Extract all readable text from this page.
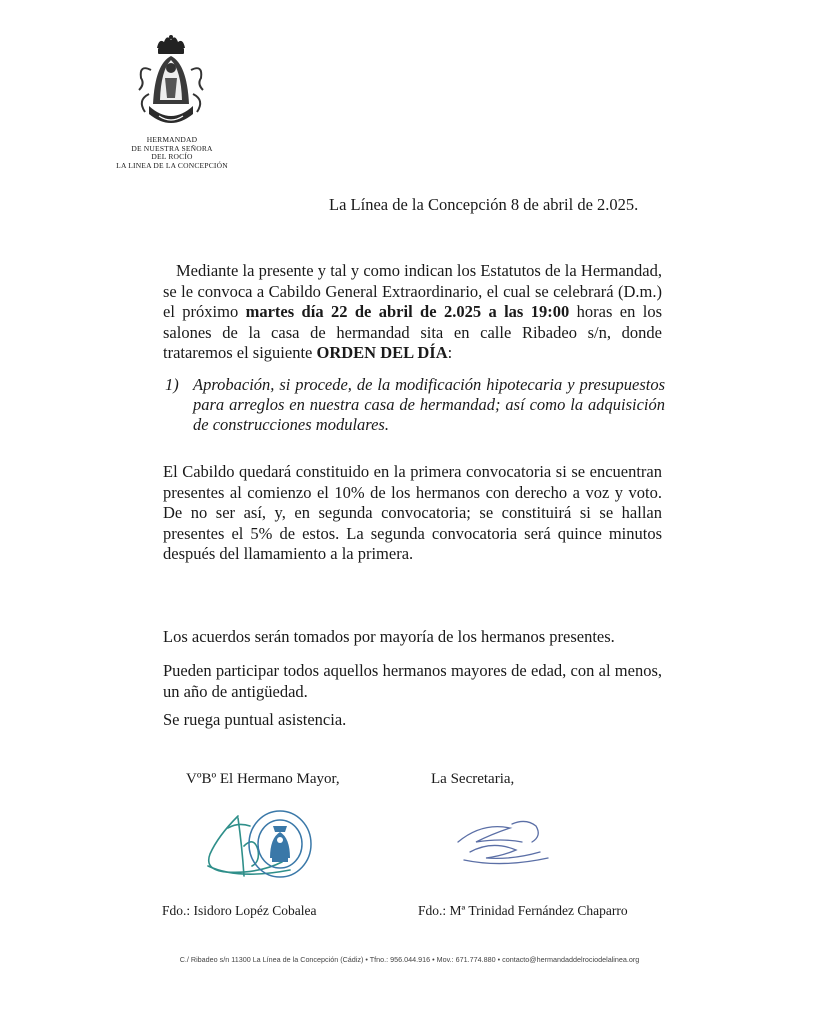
HERMANDAD
DE NUESTRA SEÑORA
DEL ROCÍO
LA LINEA DE LA CONCEPCIÓN
La Línea de la Concepción 8 de abril de 2.025.
Mediante la presente y tal y como indican los Estatutos de la Hermandad, se le convoca a Cabildo General Extraordinario, el cual se celebrará (D.m.) el próximo martes día 22 de abril de 2.025 a las 19:00 horas en los salones de la casa de hermandad sita en calle Ribadeo s/n, donde trataremos el siguiente ORDEN DEL DÍA:
1) Aprobación, si procede, de la modificación hipotecaria y presupuestos para arreglos en nuestra casa de hermandad; así como la adquisición de construcciones modulares.
El Cabildo quedará constituido en la primera convocatoria si se encuentran presentes al comienzo el 10% de los hermanos con derecho a voz y voto. De no ser así, y, en segunda convocatoria; se constituirá si se hallan presentes el 5% de estos. La segunda convocatoria será quince minutos después del llamamiento a la primera.
Los acuerdos serán tomados por mayoría de los hermanos presentes.
Pueden participar todos aquellos hermanos mayores de edad, con al menos, un año de antigüedad.
Se ruega puntual asistencia.
VºBº El Hermano Mayor,	La Secretaria,
Fdo.: Isidoro Lopéz Cobalea	Fdo.: Mª Trinidad Fernández Chaparro
C./ Ribadeo s/n 11300 La Línea de la Concepción (Cádiz) • Tfno.: 956.044.916 • Mov.: 671.774.880 • contacto@hermandaddelrociodelalinea.org
